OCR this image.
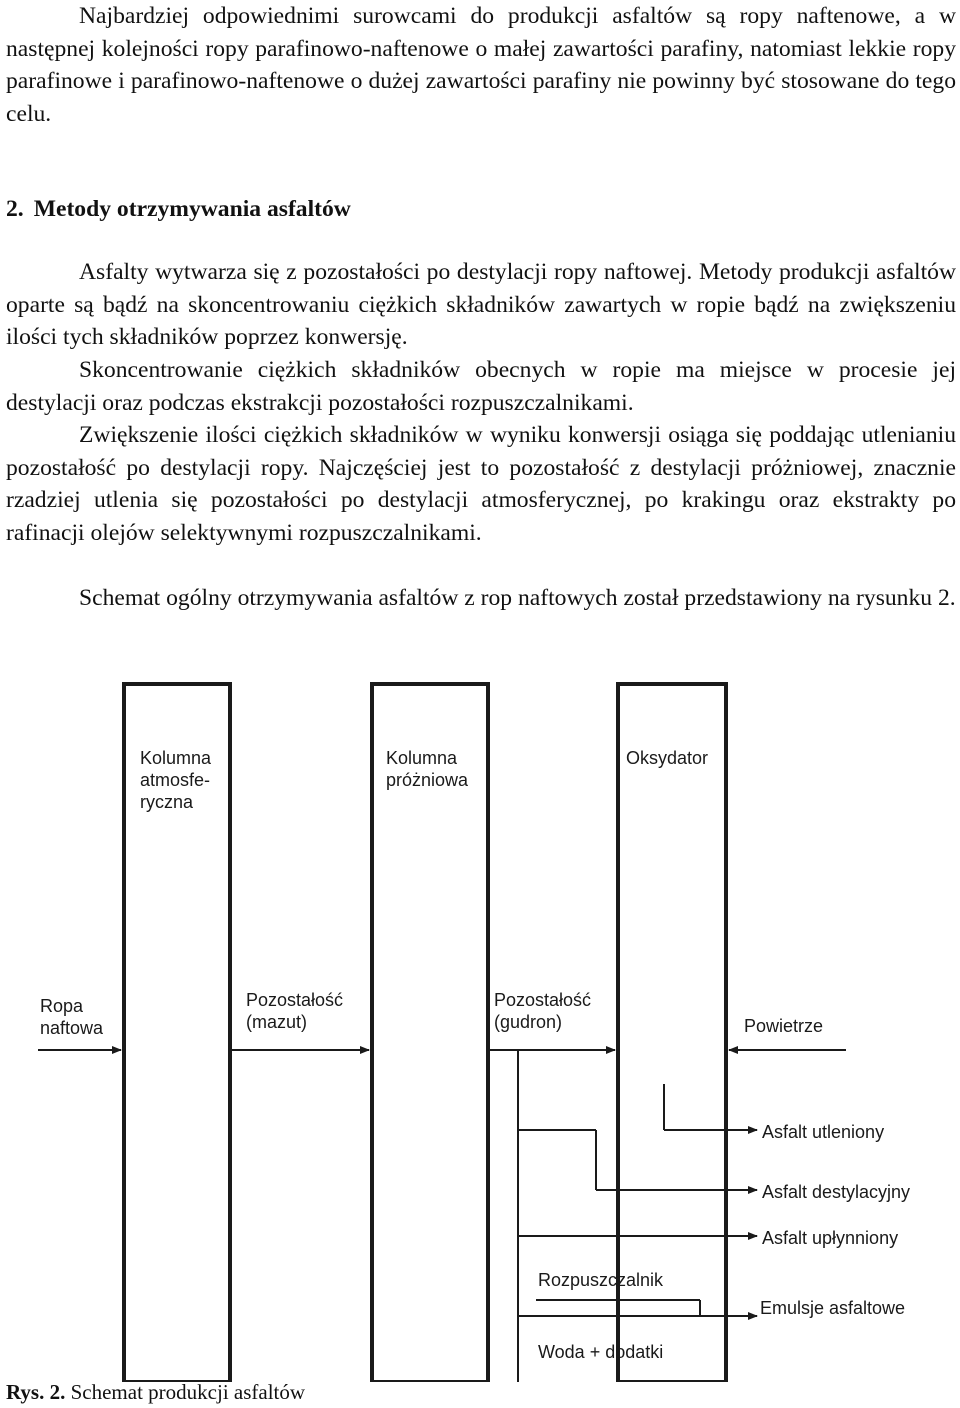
Najbardziej odpowiednimi surowcami do produkcji asfaltów są ropy naftenowe, a w następnej kolejności ropy parafinowo-naftenowe o małej zawartości parafiny, natomiast lekkie ropy parafinowe i parafinowo-naftenowe o dużej zawartości parafiny nie powinny być stosowane do tego celu.

2. Metody otrzymywania asfaltów

Asfalty wytwarza się z pozostałości po destylacji ropy naftowej. Metody produkcji asfaltów oparte są bądź na skoncentrowaniu ciężkich składników zawartych w ropie bądź na zwiększeniu ilości tych składników poprzez konwersję.

Skoncentrowanie ciężkich składników obecnych w ropie ma miejsce w procesie jej destylacji oraz podczas ekstrakcji pozostałości rozpuszczalnikami.

Zwiększenie ilości ciężkich składników w wyniku konwersji osiąga się poddając utlenianiu pozostałość po destylacji ropy. Najczęściej jest to pozostałość z destylacji próżniowej, znacznie rzadziej utlenia się pozostałości po destylacji atmosferycznej, po krakingu oraz ekstrakty po rafinacji olejów selektywnymi rozpuszczalnikami.

Schemat ogólny otrzymywania asfaltów z rop naftowych został przedstawiony na rysunku 2.

Kolumna
atmosfe-
ryczna
Kolumna
próżniowa
Oksydator
Ropa
naftowa
Pozostałość
(mazut)
Pozostałość
(gudron)	Powietrze
Asfalt utleniony
Asfalt destylacyjny
Asfalt upłynniony
Rozpuszczalnik
Emulsje asfaltowe
Woda + dodatki

Rys. 2. Schemat produkcji asfaltów
